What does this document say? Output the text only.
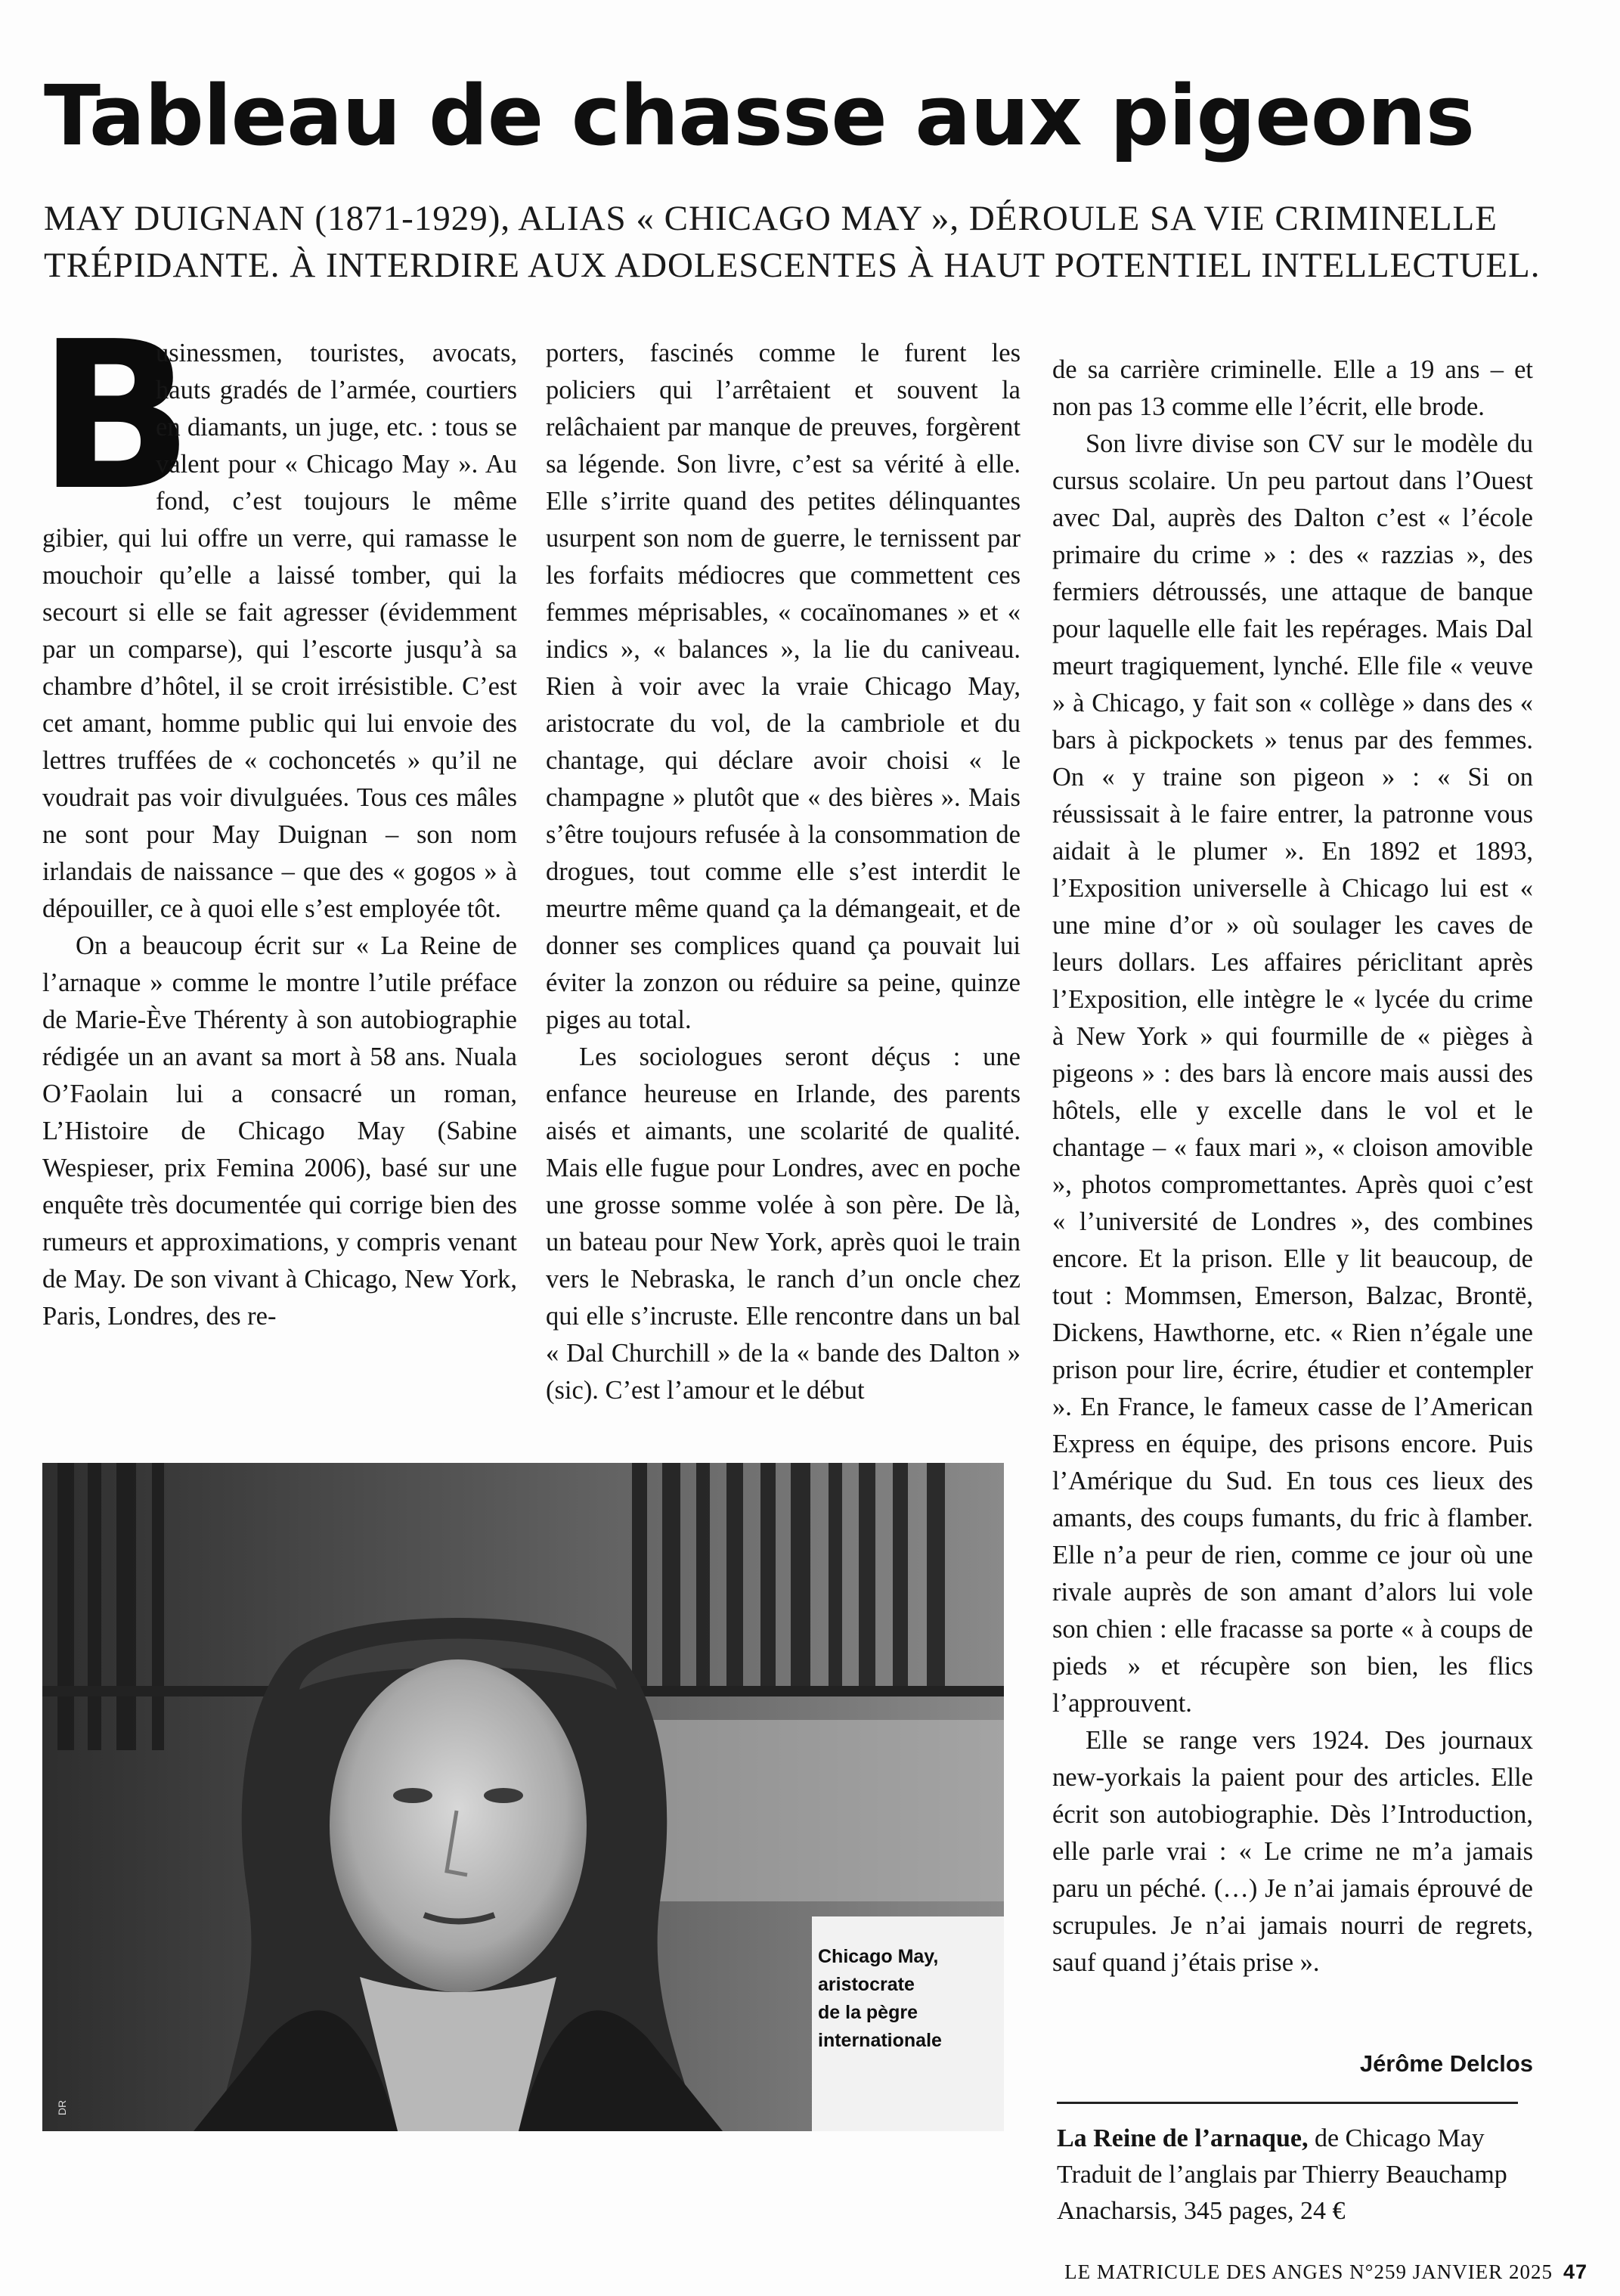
Tableau de chasse aux pigeons

MAY DUIGNAN (1871-1929), ALIAS « CHICAGO MAY », DÉROULE SA VIE CRIMINELLE TRÉPIDANTE. À INTERDIRE AUX ADOLESCENTES À HAUT POTENTIEL INTELLECTUEL.

B

usinessmen, touristes, avocats, hauts gradés de l’armée, courtiers en diamants, un juge, etc. : tous se valent pour « Chicago May ». Au fond, c’est toujours le même gibier, qui lui offre un verre, qui ramasse le mouchoir qu’elle a laissé tomber, qui la secourt si elle se fait agresser (évidemment par un comparse), qui l’escorte jusqu’à sa chambre d’hôtel, il se croit irrésistible. C’est cet amant, homme public qui lui envoie des lettres truffées de « cochoncetés » qu’il ne voudrait pas voir divulguées. Tous ces mâles ne sont pour May Duignan – son nom irlandais de naissance – que des « gogos » à dépouiller, ce à quoi elle s’est employée tôt.

On a beaucoup écrit sur « La Reine de l’arnaque » comme le montre l’utile préface de Marie-Ève Thérenty à son autobiographie rédigée un an avant sa mort à 58 ans. Nuala O’Faolain lui a consacré un roman, L’Histoire de Chicago May (Sabine Wespieser, prix Femina 2006), basé sur une enquête très documentée qui corrige bien des rumeurs et approximations, y compris venant de May. De son vivant à Chicago, New York, Paris, Londres, des re-

porters, fascinés comme le furent les policiers qui l’arrêtaient et souvent la relâchaient par manque de preuves, forgèrent sa légende. Son livre, c’est sa vérité à elle. Elle s’irrite quand des petites délinquantes usurpent son nom de guerre, le ternissent par les forfaits médiocres que commettent ces femmes méprisables, « cocaïnomanes » et « indics », « balances », la lie du caniveau. Rien à voir avec la vraie Chicago May, aristocrate du vol, de la cambriole et du chantage, qui déclare avoir choisi « le champagne » plutôt que « des bières ». Mais s’être toujours refusée à la consommation de drogues, tout comme elle s’est interdit le meurtre même quand ça la démangeait, et de donner ses complices quand ça pouvait lui éviter la zonzon ou réduire sa peine, quinze piges au total.

Les sociologues seront déçus : une enfance heureuse en Irlande, des parents aisés et aimants, une scolarité de qualité. Mais elle fugue pour Londres, avec en poche une grosse somme volée à son père. De là, un bateau pour New York, après quoi le train vers le Nebraska, le ranch d’un oncle chez qui elle s’incruste. Elle rencontre dans un bal « Dal Churchill » de la « bande des Dalton » (sic). C’est l’amour et le début

de sa carrière criminelle. Elle a 19 ans – et non pas 13 comme elle l’écrit, elle brode.

Son livre divise son CV sur le modèle du cursus scolaire. Un peu partout dans l’Ouest avec Dal, auprès des Dalton c’est « l’école primaire du crime » : des « razzias », des fermiers détroussés, une attaque de banque pour laquelle elle fait les repérages. Mais Dal meurt tragiquement, lynché. Elle file « veuve » à Chicago, y fait son « collège » dans des « bars à pickpockets » tenus par des femmes. On « y traine son pigeon » : « Si on réussissait à le faire entrer, la patronne vous aidait à le plumer ». En 1892 et 1893, l’Exposition universelle à Chicago lui est « une mine d’or » où soulager les caves de leurs dollars. Les affaires périclitant après l’Exposition, elle intègre le « lycée du crime à New York » qui fourmille de « pièges à pigeons » : des bars là encore mais aussi des hôtels, elle y excelle dans le vol et le chantage – « faux mari », « cloison amovible », photos compromettantes. Après quoi c’est « l’université de Londres », des combines encore. Et la prison. Elle y lit beaucoup, de tout : Mommsen, Emerson, Balzac, Brontë, Dickens, Hawthorne, etc. « Rien n’égale une prison pour lire, écrire, étudier et contempler ». En France, le fameux casse de l’American Express en équipe, des prisons encore. Puis l’Amérique du Sud. En tous ces lieux des amants, des coups fumants, du fric à flamber. Elle n’a peur de rien, comme ce jour où une rivale auprès de son amant d’alors lui vole son chien : elle fracasse sa porte « à coups de pieds » et récupère son bien, les flics l’approuvent.

Elle se range vers 1924. Des journaux new-yorkais la paient pour des articles. Elle écrit son autobiographie. Dès l’Introduction, elle parle vrai : « Le crime ne m’a jamais paru un péché. (…) Je n’ai jamais éprouvé de scrupules. Je n’ai jamais nourri de regrets, sauf quand j’étais prise ».

Chicago May,
aristocrate
de la pègre
internationale
DR
Jérôme Delclos
La Reine de l’arnaque, de Chicago May
Traduit de l’anglais par Thierry Beauchamp
Anacharsis, 345 pages, 24 €
LE MATRICULE DES ANGES N°259 JANVIER 2025 47
